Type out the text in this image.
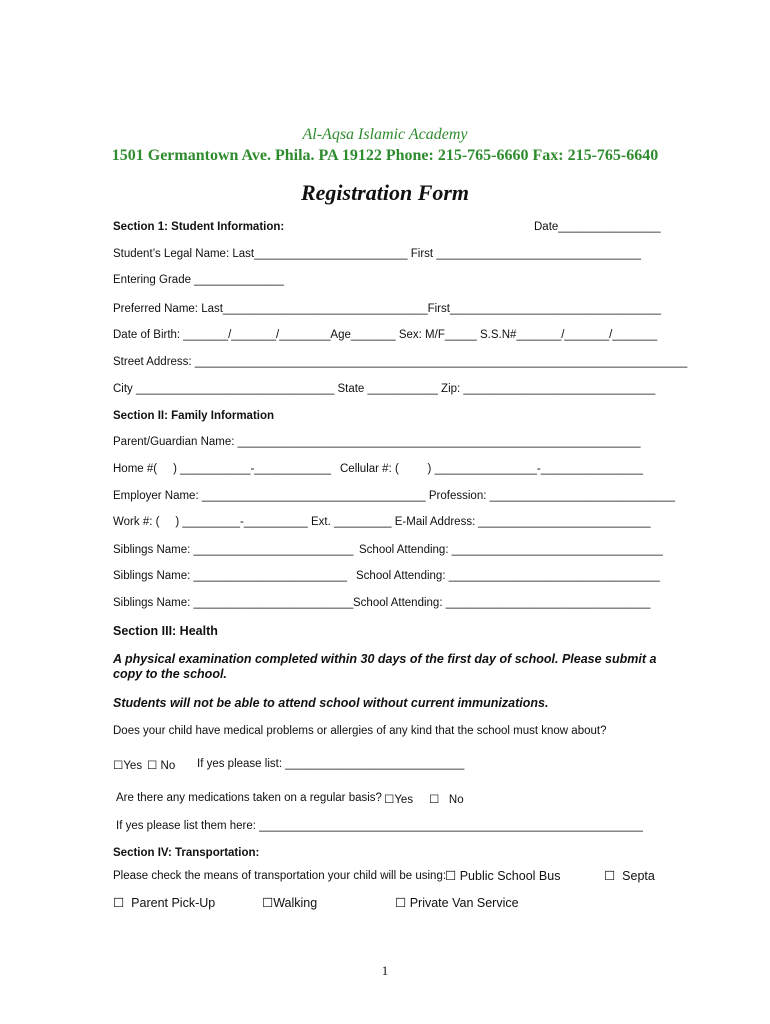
Al-Aqsa Islamic Academy
1501 Germantown Ave. Phila. PA 19122 Phone: 215-765-6660 Fax: 215-765-6640
Registration Form
Section 1: Student Information:	Date________________
Student’s Legal Name: Last________________________ First ________________________________
Entering Grade ______________
Preferred Name: Last________________________________First_________________________________
Date of Birth: _______/_______/________Age_______ Sex: M/F_____ S.S.N#_______/_______/_______
Street Address: _____________________________________________________________________________
City _______________________________ State ___________ Zip: ______________________________
Section II: Family Information
Parent/Guardian Name: _______________________________________________________________
Home #(     ) ___________-____________ Cellular #: (         ) ________________-________________
Employer Name: ___________________________________ Profession: _____________________________
Work #: (     ) _________-__________ Ext. _________ E-Mail Address: ___________________________
Siblings Name: _________________________ School Attending: _________________________________
Siblings Name: ________________________ School Attending: _________________________________
Siblings Name: _________________________ School Attending: ________________________________
Section III: Health
A physical examination completed within 30 days of the first day of school. Please submit a copy to the school.
Students will not be able to attend school without current immunizations.
Does your child have medical problems or allergies of any kind that the school must know about?
☐Yes ☐ No If yes please list: ____________________________
Are there any medications taken on a regular basis? ☐Yes ☐ No
If yes please list them here: ____________________________________________________________
Section IV: Transportation:
Please check the means of transportation your child will be using:
☐ Public School Bus	☐ Septa
☐ Parent Pick-Up	☐Walking	☐ Private Van Service
1
